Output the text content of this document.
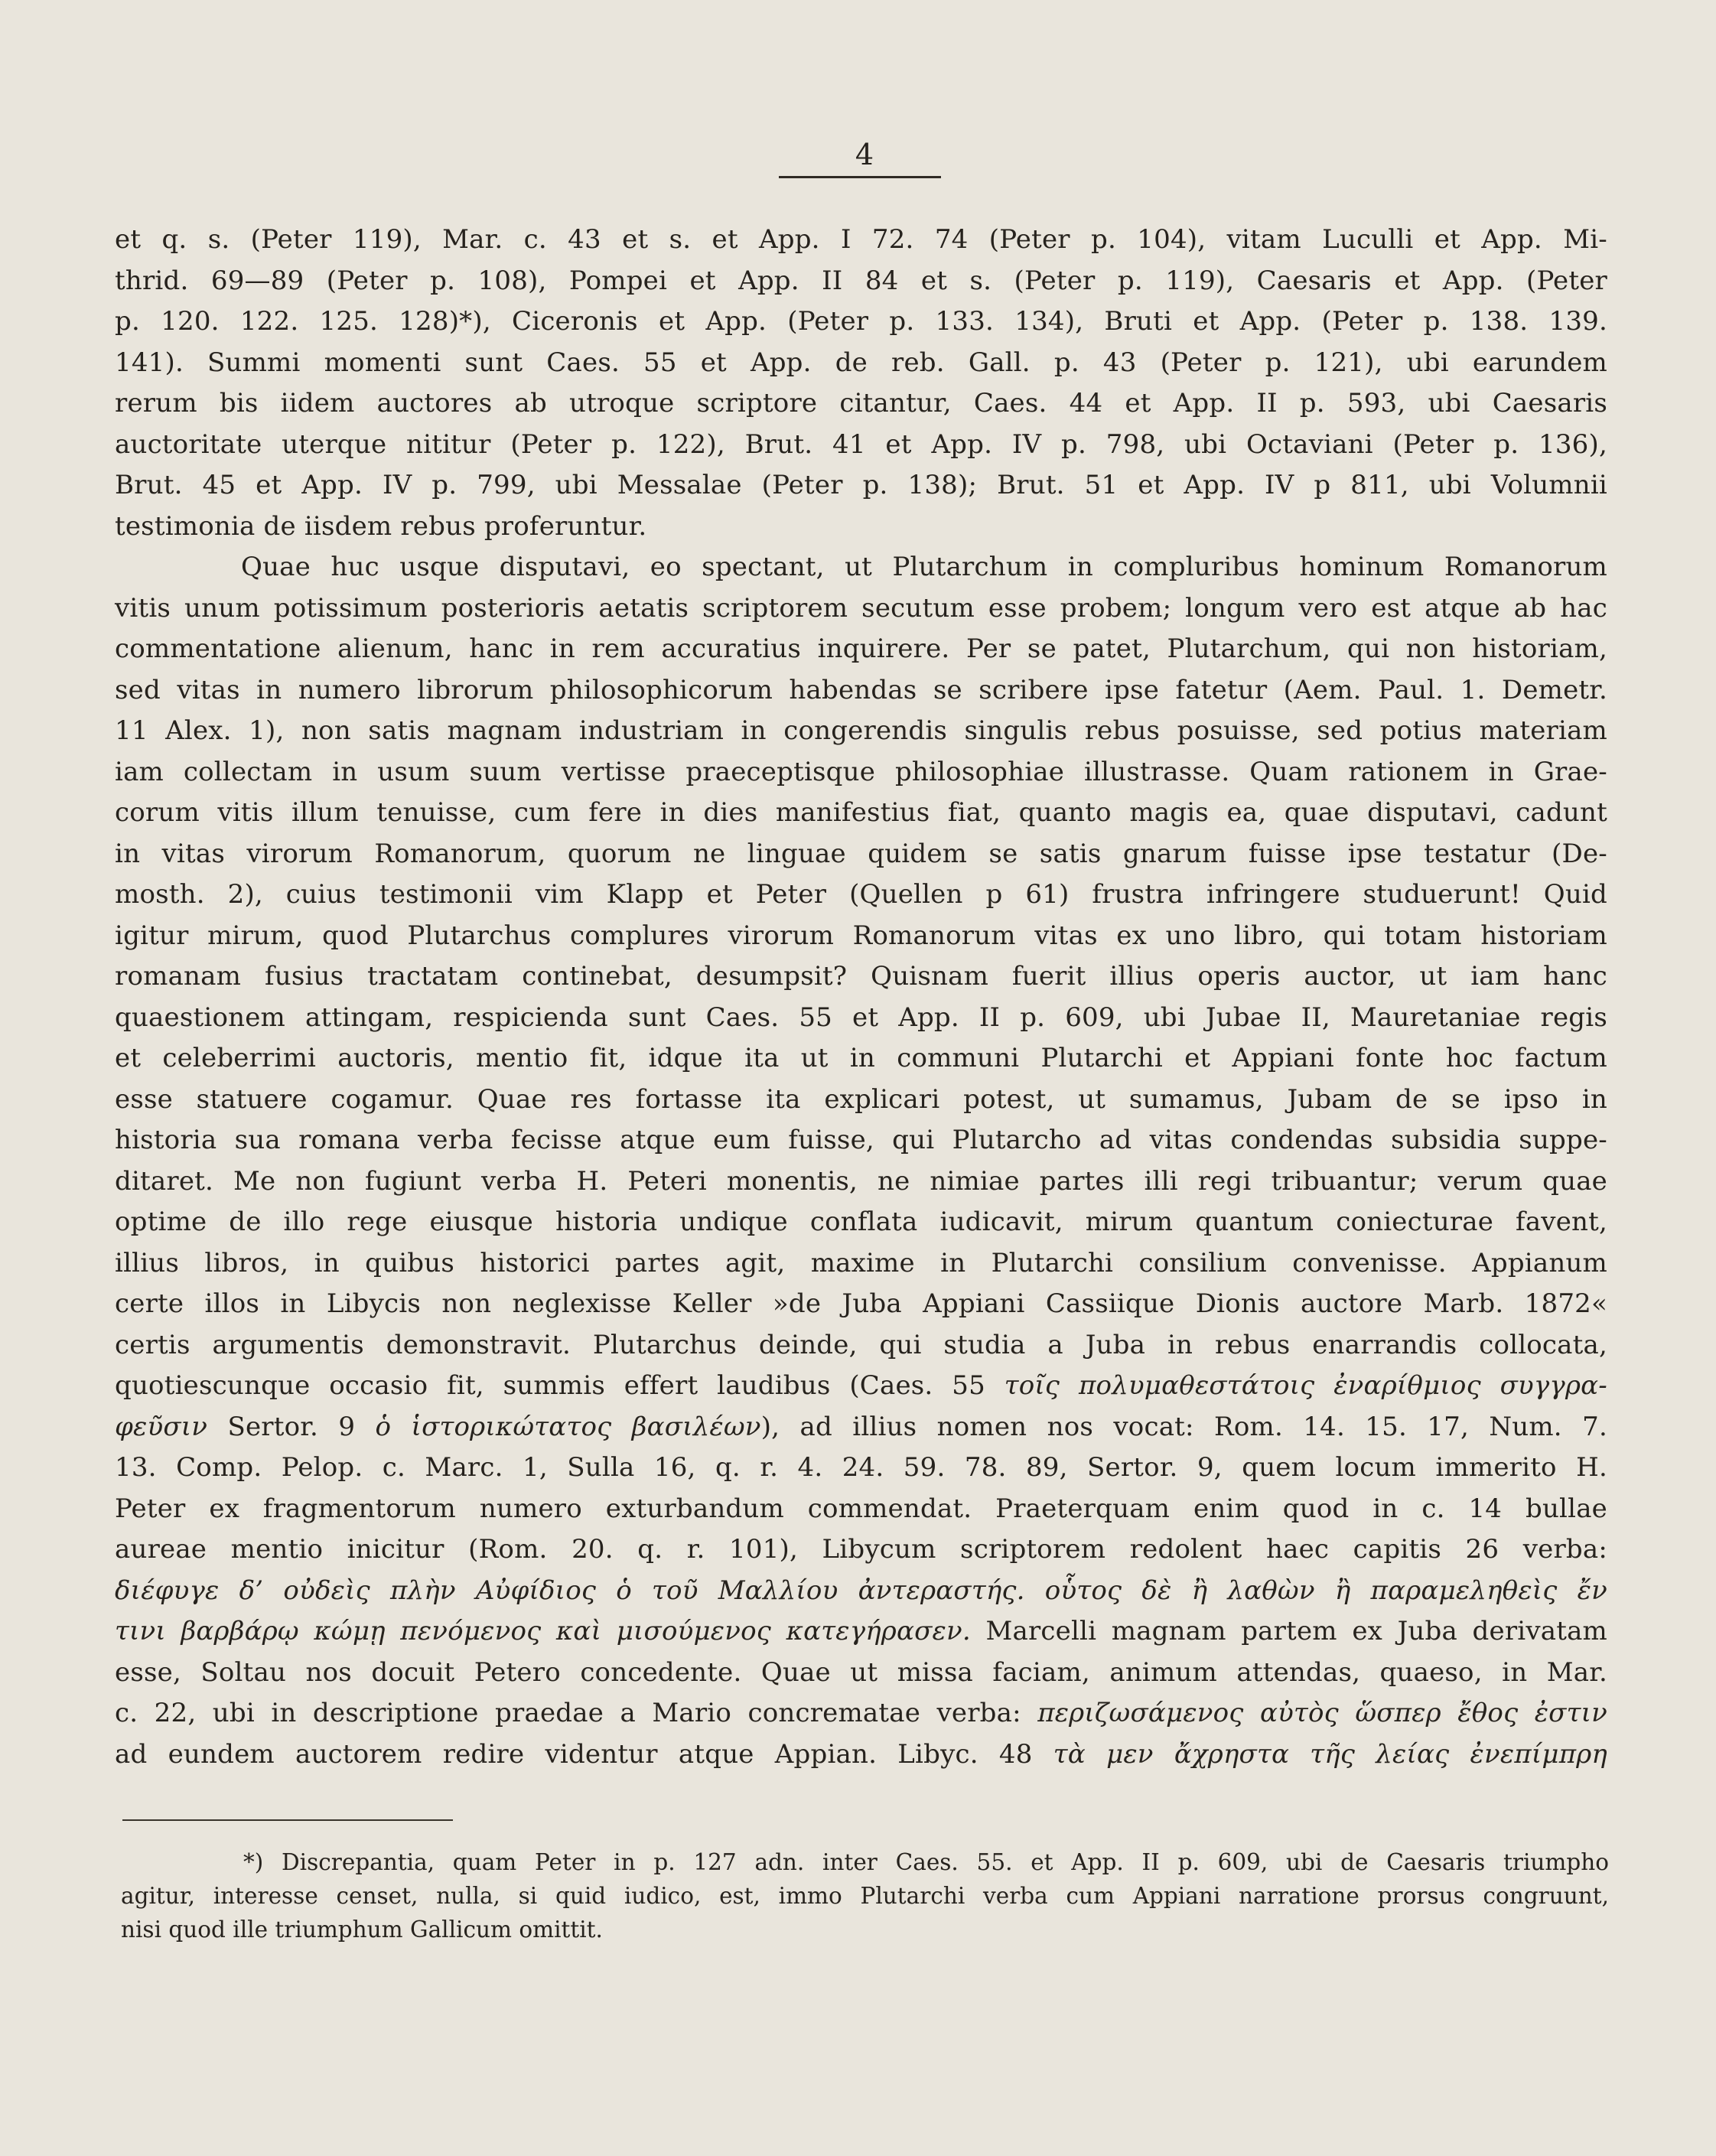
4
et q. s. (Peter 119), Mar. c. 43 et s. et App. I 72. 74 (Peter p. 104), vitam Luculli et App. Mi-
thrid. 69—89 (Peter p. 108), Pompei et App. II 84 et s. (Peter p. 119), Caesaris et App. (Peter
p. 120. 122. 125. 128)*), Ciceronis et App. (Peter p. 133. 134), Bruti et App. (Peter p. 138. 139.
141). Summi momenti sunt Caes. 55 et App. de reb. Gall. p. 43 (Peter p. 121), ubi earundem
rerum bis iidem auctores ab utroque scriptore citantur, Caes. 44 et App. II p. 593, ubi Caesaris
auctoritate uterque nititur (Peter p. 122), Brut. 41 et App. IV p. 798, ubi Octaviani (Peter p. 136),
Brut. 45 et App. IV p. 799, ubi Messalae (Peter p. 138); Brut. 51 et App. IV p 811, ubi Volumnii
testimonia de iisdem rebus proferuntur.
Quae huc usque disputavi, eo spectant, ut Plutarchum in compluribus hominum Romanorum
vitis unum potissimum posterioris aetatis scriptorem secutum esse probem; longum vero est atque ab hac
commentatione alienum, hanc in rem accuratius inquirere. Per se patet, Plutarchum, qui non historiam,
sed vitas in numero librorum philosophicorum habendas se scribere ipse fatetur (Aem. Paul. 1. Demetr.
11 Alex. 1), non satis magnam industriam in congerendis singulis rebus posuisse, sed potius materiam
iam collectam in usum suum vertisse praeceptisque philosophiae illustrasse. Quam rationem in Grae-
corum vitis illum tenuisse, cum fere in dies manifestius fiat, quanto magis ea, quae disputavi, cadunt
in vitas virorum Romanorum, quorum ne linguae quidem se satis gnarum fuisse ipse testatur (De-
mosth. 2), cuius testimonii vim Klapp et Peter (Quellen p 61) frustra infringere studuerunt! Quid
igitur mirum, quod Plutarchus complures virorum Romanorum vitas ex uno libro, qui totam historiam
romanam fusius tractatam continebat, desumpsit? Quisnam fuerit illius operis auctor, ut iam hanc
quaestionem attingam, respicienda sunt Caes. 55 et App. II p. 609, ubi Jubae II, Mauretaniae regis
et celeberrimi auctoris, mentio fit, idque ita ut in communi Plutarchi et Appiani fonte hoc factum
esse statuere cogamur. Quae res fortasse ita explicari potest, ut sumamus, Jubam de se ipso in
historia sua romana verba fecisse atque eum fuisse, qui Plutarcho ad vitas condendas subsidia suppe-
ditaret. Me non fugiunt verba H. Peteri monentis, ne nimiae partes illi regi tribuantur; verum quae
optime de illo rege eiusque historia undique conflata iudicavit, mirum quantum coniecturae favent,
illius libros, in quibus historici partes agit, maxime in Plutarchi consilium convenisse. Appianum
certe illos in Libycis non neglexisse Keller »de Juba Appiani Cassiique Dionis auctore Marb. 1872«
certis argumentis demonstravit. Plutarchus deinde, qui studia a Juba in rebus enarrandis collocata,
quotiescunque occasio fit, summis effert laudibus (Caes. 55 τοῖς πολυμαθεστάτοις ἐναρίθμιος συγγρα-
φεῦσιν Sertor. 9 ὁ ἱστορικώτατος βασιλέων), ad illius nomen nos vocat: Rom. 14. 15. 17, Num. 7.
13. Comp. Pelop. c. Marc. 1, Sulla 16, q. r. 4. 24. 59. 78. 89, Sertor. 9, quem locum immerito H.
Peter ex fragmentorum numero exturbandum commendat. Praeterquam enim quod in c. 14 bullae
aureae mentio inicitur (Rom. 20. q. r. 101), Libycum scriptorem redolent haec capitis 26 verba:
διέφυγε δ’ οὐδεὶς πλὴν Αὐφίδιος ὁ τοῦ Μαλλίου ἀντεραστής. οὗτος δὲ ἢ λαθὼν ἢ παραμεληθεὶς ἔν
τινι βαρβάρῳ κώμῃ πενόμενος καὶ μισούμενος κατεγήρασεν. Marcelli magnam partem ex Juba derivatam
esse, Soltau nos docuit Petero concedente. Quae ut missa faciam, animum attendas, quaeso, in Mar.
c. 22, ubi in descriptione praedae a Mario concrematae verba: περιζωσάμενος αὐτὸς ὥσπερ ἔθος ἐστιν
ad eundem auctorem redire videntur atque Appian. Libyc. 48 τὰ μεν ἄχρηστα τῆς λείας ἐνεπίμπρη
*) Discrepantia, quam Peter in p. 127 adn. inter Caes. 55. et App. II p. 609, ubi de Caesaris triumpho
agitur, interesse censet, nulla, si quid iudico, est, immo Plutarchi verba cum Appiani narratione prorsus congruunt,
nisi quod ille triumphum Gallicum omittit.
